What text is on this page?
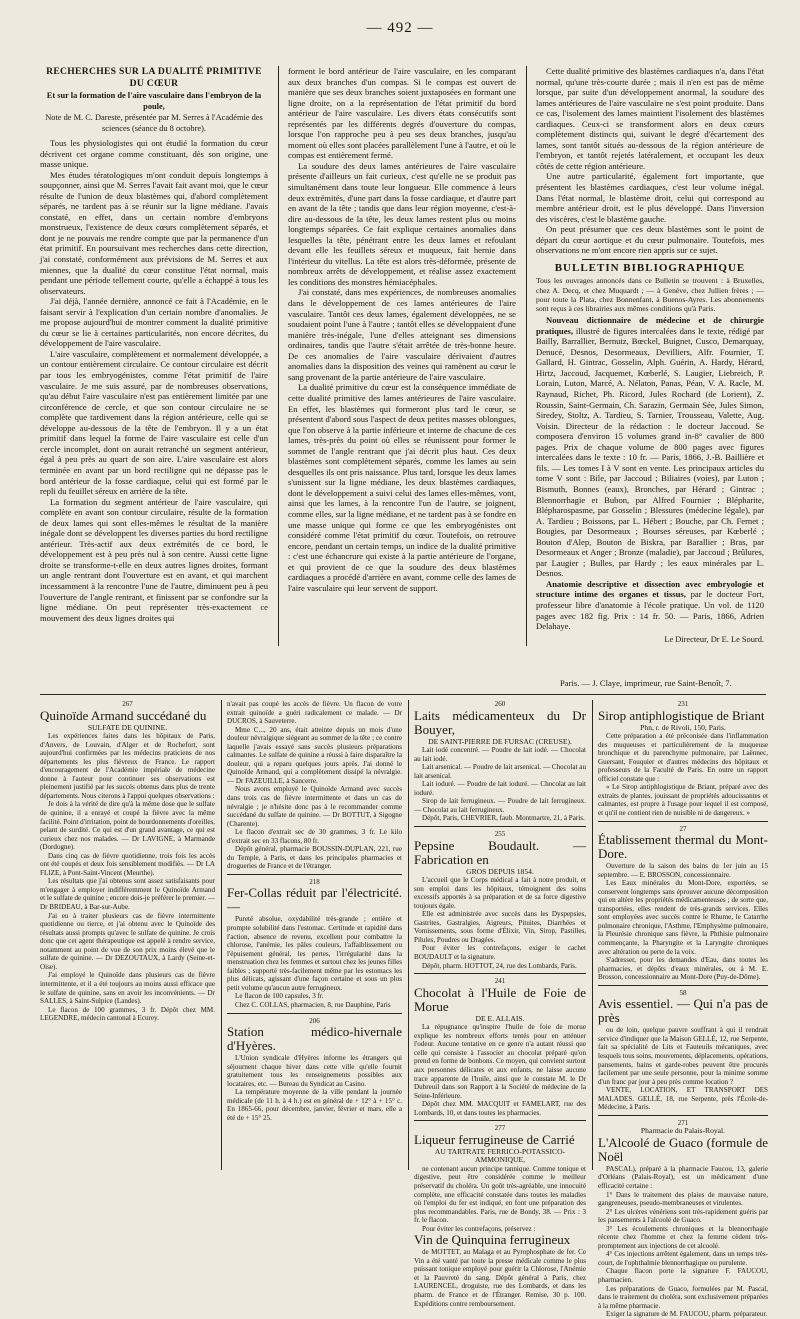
— 492 —

RECHERCHES SUR LA DUALITÉ PRIMITIVE DU CŒUR

Et sur la formation de l'aire vasculaire dans l'embryon de la poule,

Note de M. C. Dareste, présentée par M. Serres à l'Académie des sciences (séance du 8 octobre).

Tous les physiologistes qui ont étudié la formation du cœur décrivent cet organe comme constituant, dès son origine, une masse unique.

Mes études tératologiques m'ont conduit depuis longtemps à soupçonner, ainsi que M. Serres l'avait fait avant moi, que le cœur résulte de l'union de deux blastèmes qui, d'abord complètement séparés, ne tardent pas à se réunir sur la ligne médiane. J'avais constaté, en effet, dans un certain nombre d'embryons monstrueux, l'existence de deux cœurs complètement séparés, et dont je ne pouvais me rendre compte que par la permanence d'un état primitif. En poursuivant mes recherches dans cette direction, j'ai constaté, conformément aux prévisions de M. Serres et aux miennes, que la dualité du cœur constitue l'état normal, mais pendant une période tellement courte, qu'elle a échappé à tous les observateurs.

J'ai déjà, l'année dernière, annoncé ce fait à l'Académie, en le faisant servir à l'explication d'un certain nombre d'anomalies. Je me propose aujourd'hui de montrer comment la dualité primitive du cœur se lie à certaines particularités, non encore décrites, du développement de l'aire vasculaire.

L'aire vasculaire, complètement et normalement développée, a un contour entièrement circulaire. Ce contour circulaire est décrit par tous les embryogénistes, comme l'état primitif de l'aire vasculaire. Je me suis assuré, par de nombreuses observations, qu'au début l'aire vasculaire n'est pas entièrement limitée par une circonférence de cercle, et que son contour circulaire ne se complète que tardivement dans la région antérieure, celle qui se développe au-dessous de la tête de l'embryon. Il y a un état primitif dans lequel la forme de l'aire vasculaire est celle d'un cercle incomplet, dont on aurait retranché un segment antérieur, égal à peu près au quart de son aire. L'aire vasculaire est alors terminée en avant par un bord rectiligne qui ne dépasse pas le bord antérieur de la fosse cardiaque, celui qui est formé par le repli du feuillet séreux en arrière de la tête.

La formation du segment antérieur de l'aire vasculaire, qui complète en avant son contour circulaire, résulte de la formation de deux lames qui sont elles-mêmes le résultat de la manière inégale dont se développent les diverses parties du bord rectiligne antérieur. Très-actif aux deux extrémités de ce bord, le développement est à peu près nul à son centre. Aussi cette ligne droite se transforme-t-elle en deux autres lignes droites, formant un angle rentrant dont l'ouverture est en avant, et qui marchent incessamment à la rencontre l'une de l'autre, diminuent peu à peu l'ouverture de l'angle rentrant, et finissent par se confondre sur la ligne médiane. On peut représenter très-exactement ce mouvement des deux lignes droites qui

forment le bord antérieur de l'aire vasculaire, en les comparant aux deux branches d'un compas. Si le compas est ouvert de manière que ses deux branches soient juxtaposées en formant une ligne droite, on a la représentation de l'état primitif du bord antérieur de l'aire vasculaire. Les divers états consécutifs sont représentés par les différents degrés d'ouverture du compas, lorsque l'on rapproche peu à peu ses deux branches, jusqu'au moment où elles sont placées parallèlement l'une à l'autre, et où le compas est entièrement fermé.

La soudure des deux lames antérieures de l'aire vasculaire présente d'ailleurs un fait curieux, c'est qu'elle ne se produit pas simultanément dans toute leur longueur. Elle commence à leurs deux extrémités, d'une part dans la fosse cardiaque, et d'autre part en avant de la tête ; tandis que dans leur région moyenne, c'est-à-dire au-dessous de la tête, les deux lames restent plus ou moins longtemps séparées. Ce fait explique certaines anomalies dans lesquelles la tête, pénétrant entre les deux lames et refoulant devant elle les feuillets séreux et muqueux, fait hernie dans l'intérieur du vitellus. La tête est alors très-déformée, présente de nombreux arrêts de développement, et réalise assez exactement les conditions des monstres hémiacéphales.

J'ai constaté, dans mes expériences, de nombreuses anomalies dans le développement de ces lames antérieures de l'aire vasculaire. Tantôt ces deux lames, également développées, ne se soudaient point l'une à l'autre ; tantôt elles se développaient d'une manière très-inégale, l'une d'elles atteignant ses dimensions ordinaires, tandis que l'autre s'était arrêtée de très-bonne heure. De ces anomalies de l'aire vasculaire dérivaient d'autres anomalies dans la disposition des veines qui ramènent au cœur le sang provenant de la partie antérieure de l'aire vasculaire.

La dualité primitive du cœur est la conséquence immédiate de cette dualité primitive des lames antérieures de l'aire vasculaire. En effet, les blastèmes qui formeront plus tard le cœur, se présentent d'abord sous l'aspect de deux petites masses oblongues, que l'on observe à la partie inférieure et interne de chacune de ces lames, très-près du point où elles se réunissent pour former le sommet de l'angle rentrant que j'ai décrit plus haut. Ces deux blastèmes sont complètement séparés, comme les lames au sein desquelles ils ont pris naissance. Plus tard, lorsque les deux lames s'unissent sur la ligne médiane, les deux blastèmes cardiaques, dont le développement a suivi celui des lames elles-mêmes, vont, ainsi que les lames, à la rencontre l'un de l'autre, se joignent, comme elles, sur la ligne médiane, et ne tardent pas à se fondre en une masse unique qui forme ce que les embryogénistes ont considéré comme l'état primitif du cœur. Toutefois, on retrouve encore, pendant un certain temps, un indice de la dualité primitive : c'est une échancrure qui existe à la partie antérieure de l'organe, et qui provient de ce que la soudure des deux blastèmes cardiaques a procédé d'arrière en avant, comme celle des lames de l'aire vasculaire qui leur servent de support.

Cette dualité primitive des blastèmes cardiaques n'a, dans l'état normal, qu'une très-courte durée ; mais il n'en est pas de même lorsque, par suite d'un développement anormal, la soudure des lames antérieures de l'aire vasculaire ne s'est point produite. Dans ce cas, l'isolement des lames maintient l'isolement des blastèmes cardiaques. Ceux-ci se transforment alors en deux cœurs complètement distincts qui, suivant le degré d'écartement des lames, sont tantôt situés au-dessous de la région antérieure de l'embryon, et tantôt rejetés latéralement, et occupant les deux côtés de cette région antérieure.

Une autre particularité, également fort importante, que présentent les blastèmes cardiaques, c'est leur volume inégal. Dans l'état normal, le blastème droit, celui qui correspond au membre antérieur droit, est le plus développé. Dans l'inversion des viscères, c'est le blastème gauche.

On peut présumer que ces deux blastèmes sont le point de départ du cœur aortique et du cœur pulmonaire. Toutefois, mes observations ne m'ont encore rien appris sur ce sujet.

BULLETIN BIBLIOGRAPHIQUE

Tous les ouvrages annoncés dans ce Bulletin se trouvent : à Bruxelles, chez A. Decq, et chez Muquardt ; — à Genève, chez Jullien frères ; — pour toute la Plata, chez Bonnenfant, à Buenos-Ayres. Les abonnements sont reçus à ces librairies aux mêmes conditions qu'à Paris.

Nouveau dictionnaire de médecine et de chirurgie pratiques, illustré de figures intercalées dans le texte, rédigé par Bailly, Barrallier, Bernutz, Bœckel, Buignet, Cusco, Demarquay, Denucé, Desnos, Desormeaux, Devilliers, Alfr. Fournier, T. Gallard, H. Gintrac, Gosselin, Alph. Guérin, A. Hardy, Hérard, Hirtz, Jaccoud, Jacquemet, Kœberlé, S. Laugier, Liebreich, P. Lorain, Luton, Marcé, A. Nélaton, Panas, Péan, V. A. Racle, M. Raynaud, Richet, Ph. Ricord, Jules Rochard (de Lorient), Z. Roussin, Saint-Germain, Ch. Sarazin, Germain Sée, Jules Simon, Siredey, Stoltz, A. Tardieu, S. Tarnier, Trousseau, Valette, Aug. Voisin. Directeur de la rédaction : le docteur Jaccoud. Se composera d'environ 15 volumes grand in-8° cavalier de 800 pages. Prix de chaque volume de 800 pages avec figures intercalées dans le texte : 10 fr. — Paris, 1866, J.-B. Baillière et fils. — Les tomes I à V sont en vente. Les principaux articles du tome V sont : Bile, par Jaccoud ; Biliaires (voies), par Luton ; Bismuth, Bonnes (eaux), Bronches, par Hérard ; Gintrac ; Blennorrhagie et Bubon, par Alfred Fournier ; Blépharite, Blépharospasme, par Gosselin ; Blessures (médecine légale), par A. Tardieu ; Boissons, par L. Hébert ; Bouche, par Ch. Fernet ; Bougies, par Desormeaux ; Bourses séreuses, par Kœberlé ; Bouton d'Alep, Bouton de Biskra, par Barallier ; Bras, par Desormeaux et Anger ; Bronze (maladie), par Jaccoud ; Brûlures, par Laugier ; Bulles, par Hardy ; les eaux minérales par L. Desnos.

Anatomie descriptive et dissection avec embryologie et structure intime des organes et tissus, par le docteur Fort, professeur libre d'anatomie à l'école pratique. Un vol. de 1120 pages avec 182 fig. Prix : 14 fr. 50. — Paris, 1866, Adrien Delahaye.

Le Directeur, Dr E. Le Sourd.

Paris. — J. Claye, imprimeur, rue Saint-Benoît, 7.

267

Quinoïde Armand succédané du

SULFATE DE QUININE.

Les expériences faites dans les hôpitaux de Paris, d'Anvers, de Louvain, d'Alger et de Rochefort, sont aujourd'hui confirmées par les médecins praticiens de nos départements les plus fiévreux de France. Le rapport d'encouragement de l'Académie impériale de médecine donne à l'auteur pour continuer ses observations est pleinement justifié par les succès obtenus dans plus de trente départements. Nous citerons à l'appui quelques observations :

Je dois à la vérité de dire qu'à la même dose que le sulfate de quinine, il a enrayé et coupé la fièvre avec la même facilité. Point d'irritation, point de bourdonnements d'oreilles, pelant de surdité. Ce qui est d'un grand avantage, ce qui est curieux chez nos malades. — Dr LAVIGNE, à Marmande (Dordogne).

Dans cinq cas de fièvre quotidienne, trois fois les accès ont été coupés et deux fois sensiblement modifiés. — Dr LA FLIZE, à Pont-Saint-Vincent (Meurthe).

Les résultats que j'ai obtenus sont assez satisfaisants pour m'engager à employer indifféremment le Quinoïde Armand et le sulfate de quinine ; encore dois-je préférer le premier. — Dr BRIDEAU, à Bar-sur-Aube.

J'ai eu à traiter plusieurs cas de fièvre intermittente quotidienne ou tierce, et j'ai obtenu avec le Quinoïde des résultats aussi prompts qu'avec le sulfate de quinine. Je crois donc que cet agent thérapeutique est appelé à rendre service, notamment au point de vue de son prix moins élevé que le sulfate de quinine. — Dr DEZOUTAUX, à Lardy (Seine-et-Oise).

J'ai employé le Quinoïde dans plusieurs cas de fièvre intermittente, et il a été toujours au moins aussi efficace que le sulfate de quinine, sans en avoir les inconvénients. — Dr SALLES, à Saint-Sulpice (Landes).

Le flacon de 100 grammes, 3 fr. Dépôt chez MM. LEGENDRE, médecin cantonal à Ecurey.

n'avait pas coupé les accès de fièvre. Un flacon de votre extrait quinoïde a guéri radicalement ce malade. — Dr DUCROS, à Sauveterre.

Mme C..., 20 ans, était atteinte depuis un mois d'une douleur névralgique siégeant au sommet de la tête ; ce contre laquelle j'avais essayé sans succès plusieurs préparations calmantes. Le sulfate de quinine a réussi à faire disparaître la douleur, qui a reparu quelques jours après. J'ai donné le Quinoïde Armand, qui a complètement dissipé la névralgie. — Dr FAZEUILLE, à Sancerre.

Nous avons employé le Quinoïde Armand avec succès dans trois cas de fièvre intermittente et dans un cas de névralgie ; je n'hésite donc pas à le recommander comme succédané du sulfate de quinine. — Dr BOTTUT, à Sigogne (Charente).

Le flacon d'extrait sec de 30 grammes, 3 fr. Le kilo d'extrait sec en 33 flacons, 80 fr.

Dépôt général, pharmacie BOUSSIN-DUPLAN, 221, rue du Temple, à Paris, et dans les principales pharmacies et drogueries de France et de l'étranger.

218

Fer-Collas réduit par l'électricité. —

Pureté absolue, oxydabilité très-grande ; entière et prompte solubilité dans l'estomac. Certitude et rapidité dans l'action, absence de revenu, excellent pour combattre la chlorose, l'anémie, les pâles couleurs, l'affaiblissement ou l'épuisement général, les pertes, l'irrégularité dans la menstruation chez les femmes et surtout chez les jeunes filles faibles ; supporté très-facilement même par les estomacs les plus délicats, agissant d'une façon certaine et sous un plus petit volume qu'aucun autre ferrugineux.

Le flacon de 100 capsules, 3 fr.

Chez C. COLLAS, pharmacien, 8, rue Dauphine, Paris

206

Station médico-hivernale d'Hyères.

L'Union syndicale d'Hyères informe les étrangers qui séjournent chaque hiver dans cette ville qu'elle fournit gratuitement tous les renseignements possibles aux locataires, etc. — Bureau du Syndicat au Casino.

La température moyenne de la ville pendant la journée médicale (de 11 h. à 4 h.) est en général de + 12° à + 15° c. En 1865-66, pour décembre, janvier, février et mars, elle a été de + 15° 25.

260

Laits médicamenteux du Dr Bouyer,

DE SAINT-PIERRE DE FURSAC (CREUSE).

Lait iodé concentré. — Poudre de lait iodé. — Chocolat au lait iodé.

Lait arsenical. — Poudre de lait arsenical. — Chocolat au lait arsenical.

Lait ioduré. — Poudre de lait ioduré. — Chocolat au lait ioduré.

Sirop de lait ferrugineux. — Poudre de lait ferrugineux. — Chocolat au lait ferrugineux.

Dépôt, Paris, CHEVRIER, faub. Montmartre, 21, à Paris.

255

Pepsine Boudault. — Fabrication en

GROS DEPUIS 1854.

L'accueil que le Corps médical a fait à notre produit, et son emploi dans les hôpitaux, témoignent des soins excessifs apportés à sa préparation et de sa force digestive toujours égale.

Elle est administrée avec succès dans les Dyspepsies, Gastrites, Gastralgies, Aigreurs, Pituites, Diarrhées et Vomissements, sous forme d'Élixir, Vin, Sirop, Pastilles, Pilules, Poudres ou Dragées.

Pour éviter les contrefaçons, exiger le cachet BOUDAULT et la signature.

Dépôt, pharm. HOTTOT, 24, rue des Lombards, Paris.

241

Chocolat à l'Huile de Foie de Morue

DE E. ALLAIS.

La répugnance qu'inspire l'huile de foie de morue explique les nombreux efforts tentés pour en atténuer l'odeur. Aucune tentative en ce genre n'a autant réussi que celle qui consiste à l'associer au chocolat préparé qu'on prend en forme de bonbons. Ce moyen, qui convient surtout aux personnes délicates et aux enfants, ne laisse aucune trace apparente de l'huile, ainsi que le constate M. le Dr Dubreuil dans son Rapport à la Société de médecine de la Seine-Inférieure.

Dépôt chez MM. MACQUIT et FAMELART, rue des Lombards, 10, et dans toutes les pharmacies.

277

Liqueur ferrugineuse de Carrié

AU TARTRATE FERRICO-POTASSICO-AMMONIQUE,

ne contenant aucun principe tannique. Comme tonique et digestive, peut être considérée comme le meilleur préservatif du choléra. Un goût très-agréable, une innocuité complète, une efficacité constatée dans toutes les maladies où l'emploi du fer est indiqué, en font une préparation des plus recommandables. Paris, rue de Bondy, 38. — Prix : 3 fr. le flacon.

Pour éviter les contrefaçons, préservez :

Vin de Quinquina ferrugineux

de MOTTET, au Malaga et au Pyrophosphate de fer. Ce Vin a été vanté par toute la presse médicale comme le plus puissant tonique employé pour guérir la Chlorose, l'Anémie et la Pauvreté du sang. Dépôt général à Paris, chez LAURENCEL, droguiste, rue des Lombards, et dans les pharm. de France et de l'Étranger. Remise, 30 p. 100. Expéditions contre remboursement.

231

Sirop antiphlogistique de Briant

Phn, r. de Rivoli, 150, Paris.

Cette préparation a été préconisée dans l'inflammation des muqueuses et particulièrement de la muqueuse bronchique et du parenchyme pulmonaire, par Laënnec, Guersant, Fouquier et d'autres médecins des hôpitaux et professeurs de la Faculté de Paris. En outre un rapport officiel constate que :

« Le Sirop antiphlogistique de Briant, préparé avec des extraits de plantes, jouissant de propriétés adoucissantes et calmantes, est propre à l'usage pour lequel il est composé, et qu'il ne contient rien de nuisible ni de dangereux. »

27

Établissement thermal du Mont-Dore.

Ouverture de la saison des bains du 1er juin au 15 septembre. — E. BROSSON, concessionnaire.

Les Eaux minérales du Mont-Dore, exportées, se conservent longtemps sans éprouver aucune décomposition qui en altère les propriétés médicamenteuses ; de sorte que, transportées, elles rendent de très-grands services. Elles sont employées avec succès contre le Rhume, le Catarrhe pulmonaire chronique, l'Asthme, l'Emphysème pulmonaire, la Pleurésie chronique sans fièvre, la Phthisie pulmonaire commençante, la Pharyngite et la Laryngite chroniques avec altération ou perte de la voix.

S'adresser, pour les demandes d'Eau, dans toutes les pharmacies, et dépôts d'eaux minérales, ou à M. E. Brosson, concessionnaire au Mont-Dore (Puy-de-Dôme).

58

Avis essentiel. — Qui n'a pas de près

ou de loin, quelque pauvre souffrant à qui il rendrait service d'indiquer que la Maison GELLÉ, 12, rue Serpente, fait sa spécialité de Lits et Fauteuils mécaniques, avec lesquels tous soins, mouvements, déplacements, opérations, pansements, bains et garde-robes peuvent être procurés facilement par une seule personne, pour la minime somme d'un franc par jour à peu près comme location ?

VENTE, LOCATION, ET TRANSPORT DES MALADES. GELLÉ, 18, rue Serpente, près l'École-de-Médecine, à Paris.

271

Pharmacie du Palais-Royal.

L'Alcoolé de Guaco (formule de Noël

PASCAL), préparé à la pharmacie Faucou, 13, galerie d'Orléans (Palais-Royal), est un médicament d'une efficacité certaine :

1° Dans le traitement des plaies de mauvaise nature, gangreneuses, pseudo-membraneuses et virulentes.

2° Les ulcères vénériens sont très-rapidement guéris par les pansements à l'alcoolé de Guaco.

3° Les écoulements chroniques et la blennorrhagie récente chez l'homme et chez la femme cèdent très-promptement aux injections de cet alcoolé.

4° Ces injections arrêtent également, dans un temps très-court, de l'ophthalmie blennorrhagique ou purulente.

Chaque flacon porte la signature F. FAUCOU, pharmacien.

Les préparations de Guaco, formulées par M. Pascal, dans le traitement du choléra, sont exclusivement préparées à la même pharmacie.

Exiger la signature de M. FAUCOU, pharm. préparateur.
